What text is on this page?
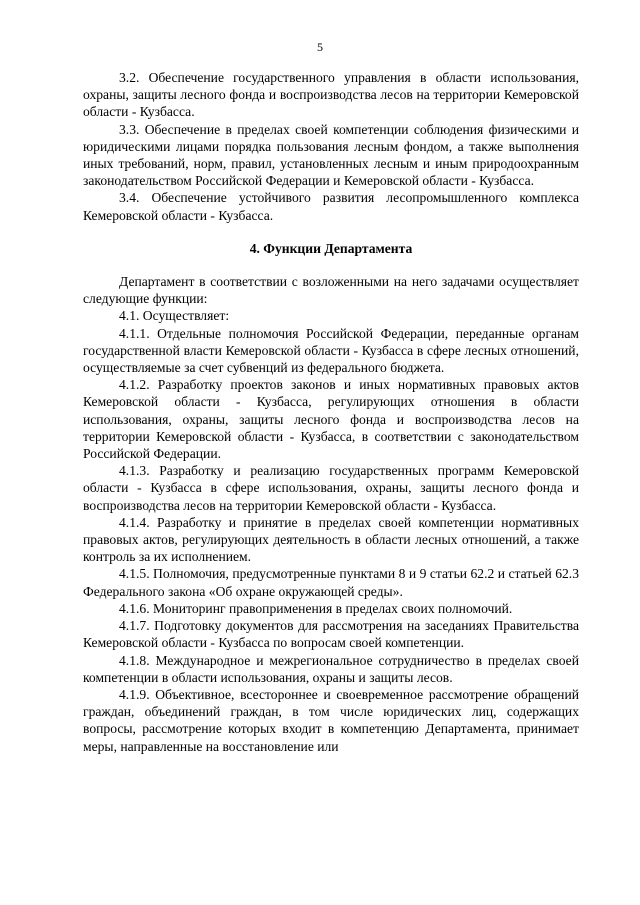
5

3.2. Обеспечение государственного управления в области использования, охраны, защиты лесного фонда и воспроизводства лесов на территории Кемеровской области - Кузбасса.

3.3. Обеспечение в пределах своей компетенции соблюдения физическими и юридическими лицами порядка пользования лесным фондом, а также выполнения иных требований, норм, правил, установленных лесным и иным природоохранным законодательством Российской Федерации и Кемеровской области - Кузбасса.

3.4. Обеспечение устойчивого развития лесопромышленного комплекса Кемеровской области - Кузбасса.

4. Функции Департамента

Департамент в соответствии с возложенными на него задачами осуществляет следующие функции:

4.1. Осуществляет:

4.1.1. Отдельные полномочия Российской Федерации, переданные органам государственной власти Кемеровской области - Кузбасса в сфере лесных отношений, осуществляемые за счет субвенций из федерального бюджета.

4.1.2. Разработку проектов законов и иных нормативных правовых актов Кемеровской области - Кузбасса, регулирующих отношения в области использования, охраны, защиты лесного фонда и воспроизводства лесов на территории Кемеровской области - Кузбасса, в соответствии с законодательством Российской Федерации.

4.1.3. Разработку и реализацию государственных программ Кемеровской области - Кузбасса в сфере использования, охраны, защиты лесного фонда и воспроизводства лесов на территории Кемеровской области - Кузбасса.

4.1.4. Разработку и принятие в пределах своей компетенции нормативных правовых актов, регулирующих деятельность в области лесных отношений, а также контроль за их исполнением.

4.1.5. Полномочия, предусмотренные пунктами 8 и 9 статьи 62.2 и статьей 62.3 Федерального закона «Об охране окружающей среды».

4.1.6. Мониторинг правоприменения в пределах своих полномочий.

4.1.7. Подготовку документов для рассмотрения на заседаниях Правительства Кемеровской области - Кузбасса по вопросам своей компетенции.

4.1.8. Международное и межрегиональное сотрудничество в пределах своей компетенции в области использования, охраны и защиты лесов.

4.1.9. Объективное, всестороннее и своевременное рассмотрение обращений граждан, объединений граждан, в том числе юридических лиц, содержащих вопросы, рассмотрение которых входит в компетенцию Департамента, принимает меры, направленные на восстановление или
